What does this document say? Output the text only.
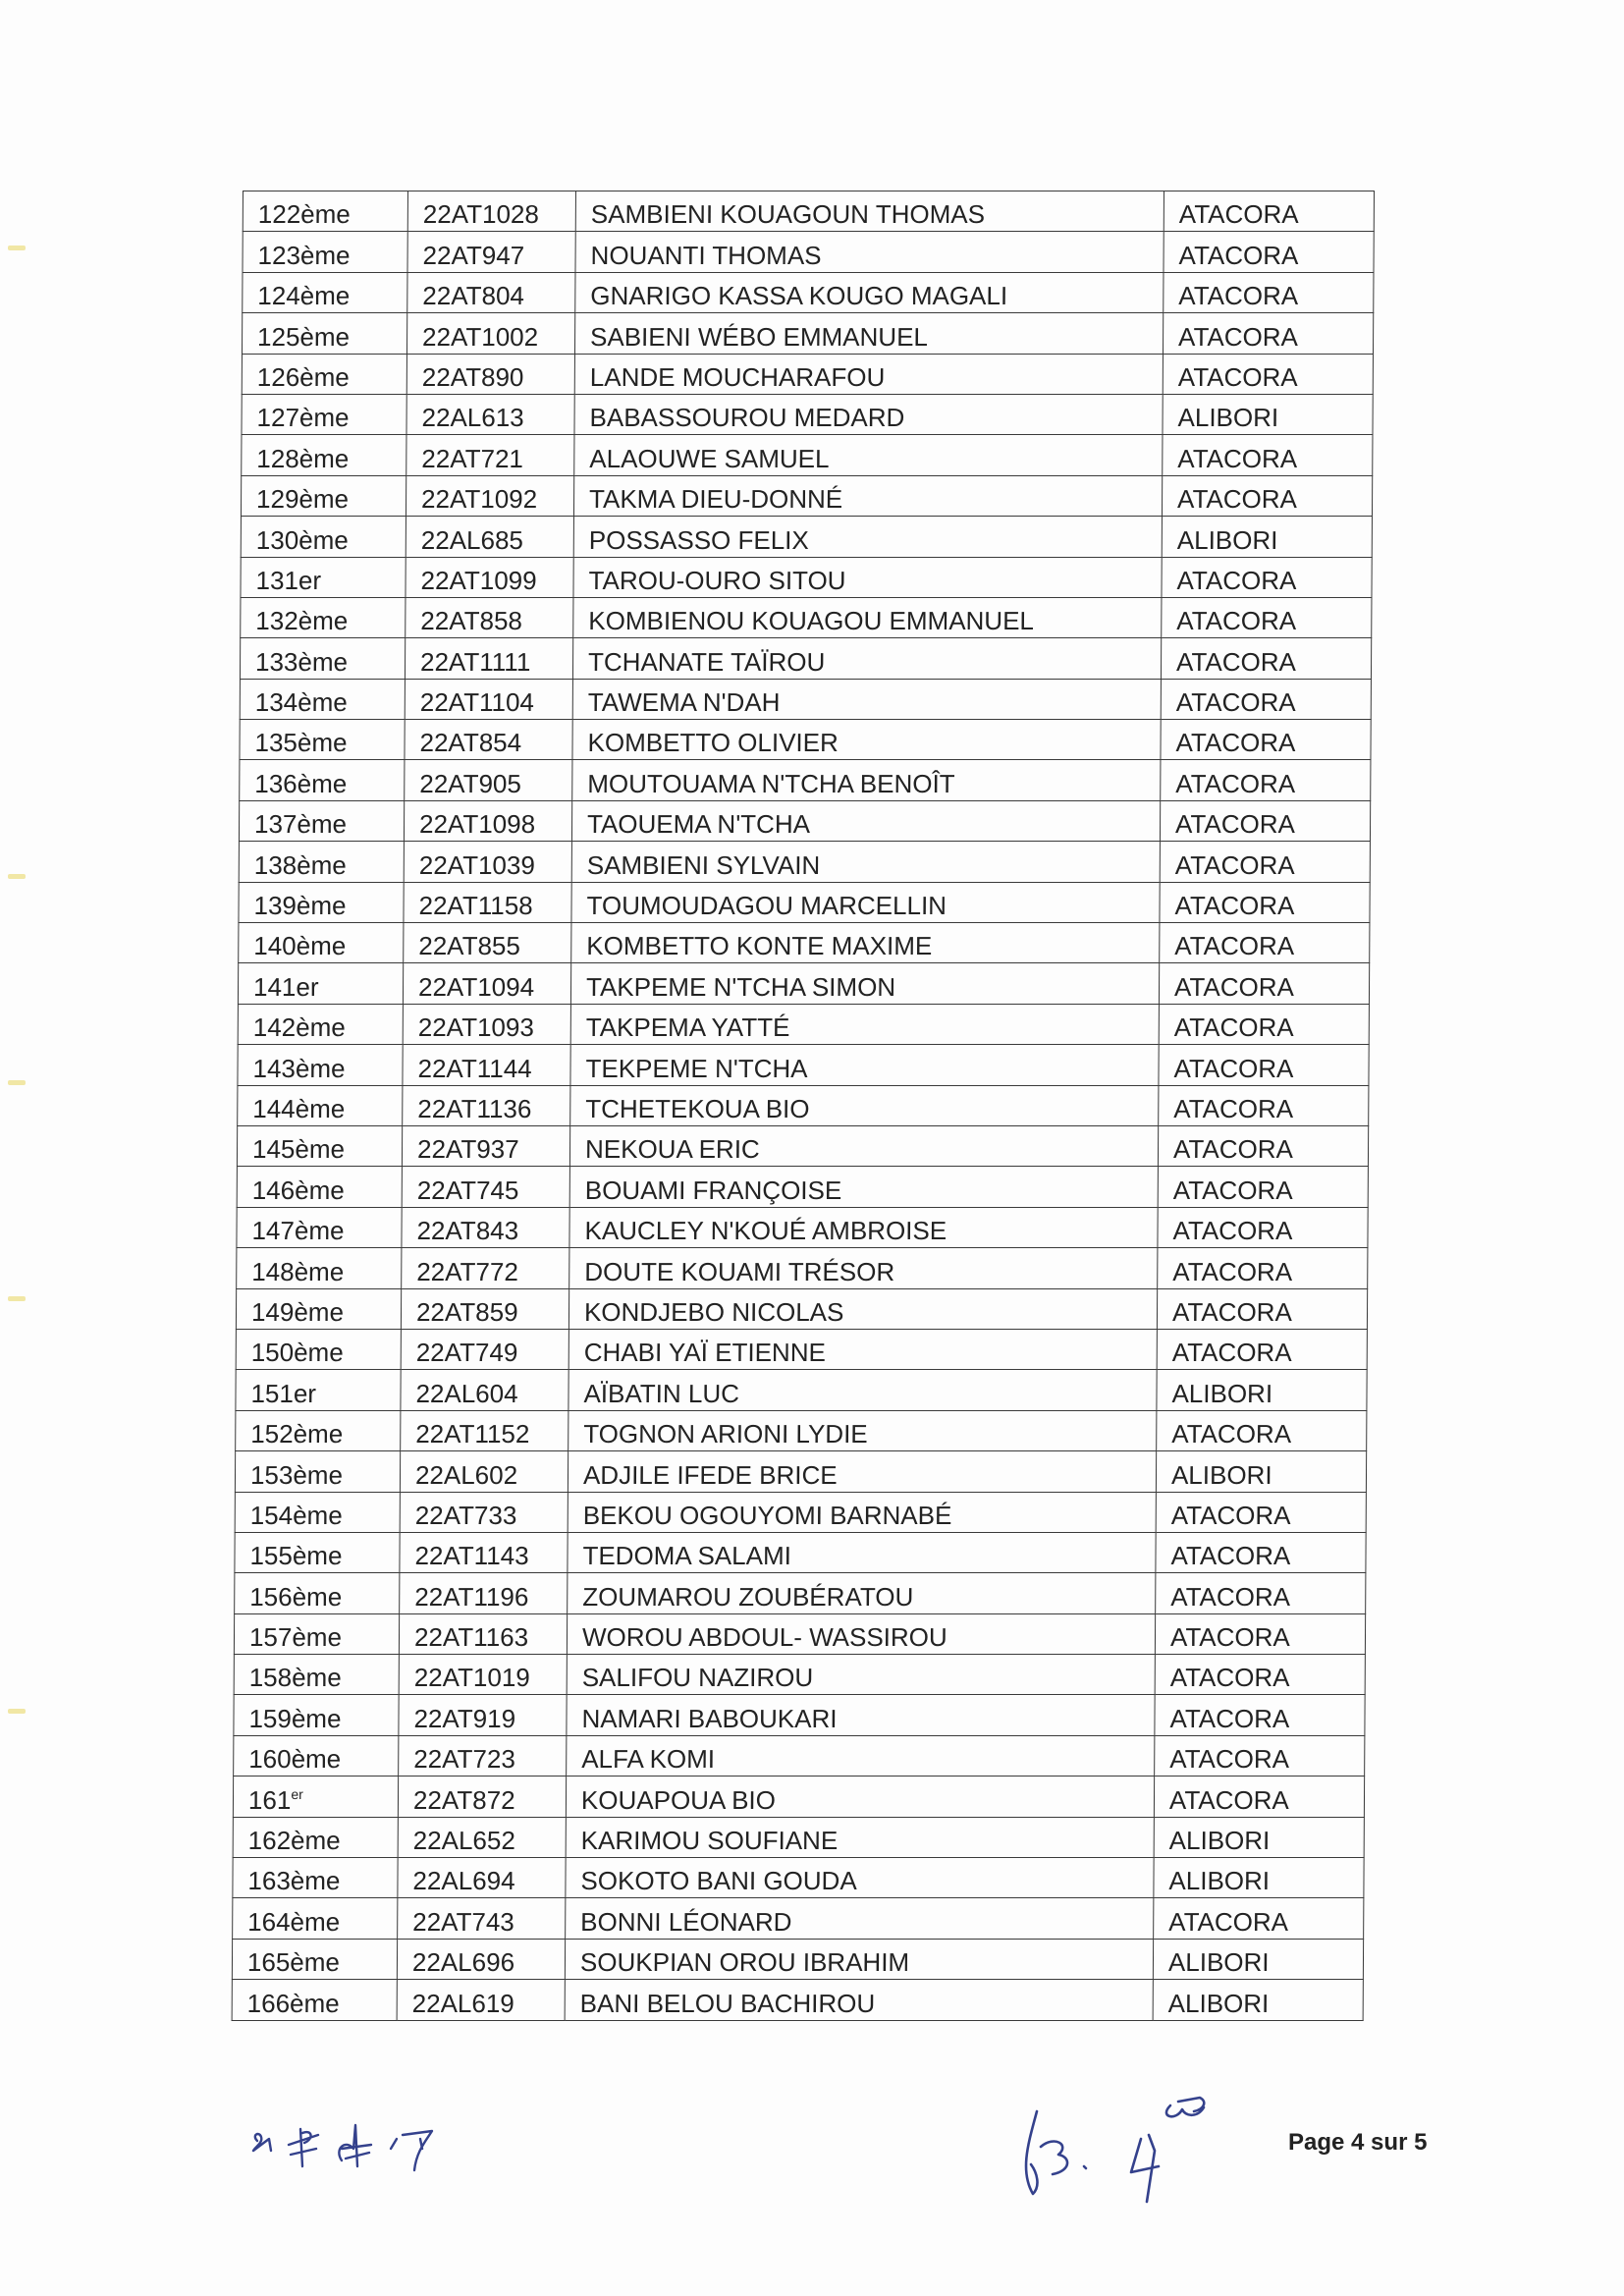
122ème	22AT1028	SAMBIENI KOUAGOUN THOMAS	ATACORA
123ème	22AT947	NOUANTI THOMAS	ATACORA
124ème	22AT804	GNARIGO KASSA KOUGO MAGALI	ATACORA
125ème	22AT1002	SABIENI WÉBO EMMANUEL	ATACORA
126ème	22AT890	LANDE MOUCHARAFOU	ATACORA
127ème	22AL613	BABASSOUROU MEDARD	ALIBORI
128ème	22AT721	ALAOUWE SAMUEL	ATACORA
129ème	22AT1092	TAKMA DIEU-DONNÉ	ATACORA
130ème	22AL685	POSSASSO FELIX	ALIBORI
131er	22AT1099	TAROU-OURO SITOU	ATACORA
132ème	22AT858	KOMBIENOU KOUAGOU EMMANUEL	ATACORA
133ème	22AT1111	TCHANATE TAÏROU	ATACORA
134ème	22AT1104	TAWEMA N'DAH	ATACORA
135ème	22AT854	KOMBETTO OLIVIER	ATACORA
136ème	22AT905	MOUTOUAMA N'TCHA BENOÎT	ATACORA
137ème	22AT1098	TAOUEMA N'TCHA	ATACORA
138ème	22AT1039	SAMBIENI SYLVAIN	ATACORA
139ème	22AT1158	TOUMOUDAGOU MARCELLIN	ATACORA
140ème	22AT855	KOMBETTO KONTE MAXIME	ATACORA
141er	22AT1094	TAKPEME N'TCHA SIMON	ATACORA
142ème	22AT1093	TAKPEMA YATTÉ	ATACORA
143ème	22AT1144	TEKPEME N'TCHA	ATACORA
144ème	22AT1136	TCHETEKOUA BIO	ATACORA
145ème	22AT937	NEKOUA ERIC	ATACORA
146ème	22AT745	BOUAMI FRANÇOISE	ATACORA
147ème	22AT843	KAUCLEY N'KOUÉ AMBROISE	ATACORA
148ème	22AT772	DOUTE KOUAMI TRÉSOR	ATACORA
149ème	22AT859	KONDJEBO NICOLAS	ATACORA
150ème	22AT749	CHABI YAÏ ETIENNE	ATACORA
151er	22AL604	AÏBATIN LUC	ALIBORI
152ème	22AT1152	TOGNON ARIONI LYDIE	ATACORA
153ème	22AL602	ADJILE IFEDE BRICE	ALIBORI
154ème	22AT733	BEKOU OGOUYOMI BARNABÉ	ATACORA
155ème	22AT1143	TEDOMA SALAMI	ATACORA
156ème	22AT1196	ZOUMAROU ZOUBÉRATOU	ATACORA
157ème	22AT1163	WOROU ABDOUL- WASSIROU	ATACORA
158ème	22AT1019	SALIFOU NAZIROU	ATACORA
159ème	22AT919	NAMARI BABOUKARI	ATACORA
160ème	22AT723	ALFA KOMI	ATACORA
161er	22AT872	KOUAPOUA BIO	ATACORA
162ème	22AL652	KARIMOU SOUFIANE	ALIBORI
163ème	22AL694	SOKOTO BANI GOUDA	ALIBORI
164ème	22AT743	BONNI LÉONARD	ATACORA
165ème	22AL696	SOUKPIAN OROU IBRAHIM	ALIBORI
166ème	22AL619	BANI BELOU BACHIROU	ALIBORI
Page 4 sur 5
